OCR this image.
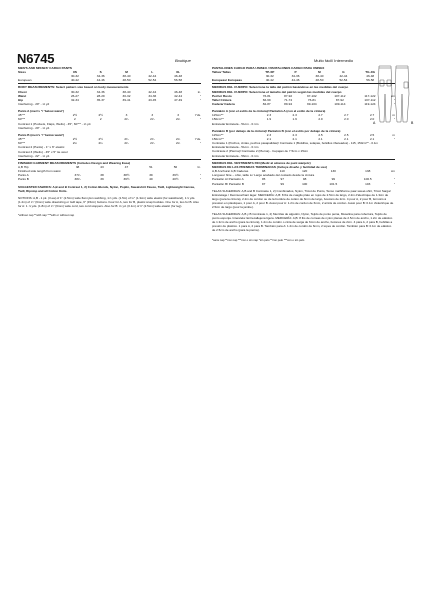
N6745	Boutique	Muito fácil/ Intermedio
MEN'S AND MISSES' CARGO PANTS
Sizes	XS	S	M	L	XL	
	30-32	34-36	38-40	42-44	46-48	
European	40-42	44-46	48-50	52-54	56-58	
BODY MEASUREMENTS: Select pattern size based on body measurements
Chest	30-32	34-36	38-40	42-44	46-48	in.
Waist	26-27	28-29	30-32	34-36	42-44	"
Hip	32-34	35-37	39-41	43-45	47-49	"
Interfacing - 20" - ⅛ yd
Pants A (men's "/ 'below waist')
45"**	2½	2½	3	3	3	Yds.
60"**	2	2	2¼	2¼	2¼	"
Contrast 1 (Pockets, Flaps, Welts) - 45", 60"** - ⅛ yd.
Interfacing - 20" - ⅛ yd.
Pants B (men's "/ 'below waist')
45"**	2½	2½	2¾	2¾	2¾	Yds.
60"**	2¼	2¼	2¼	2¼	2¼	"
Contrast 2 (Pants) - 1" x 6" elastic
Contrast 3 (Welts) - 45" x 5" tie wool
Interfacing - 22" - ⅛ yd.
FINISHED GARMENT MEASUREMENTS (Includes Design and Wearing Ease)
A,B Hip	38	43	47	51	56	In.
Finished side length from waist						
Pants A	37¼	38	38½	39	39½	"
Pants B	38¼	39	39½	40	40½	"
SUGGESTED FABRICS: A,B and B Contrast 1, 2) Cotton Blends, Nylon, Poplin, Sweatshirt Fleece, Twill, Lightweight Canvas, Twill, Ripstop and all Cotton Knits.
NOTIONS: A,B - 1 pk. (3 ea) of 1" (2.5cm) wide flat nylon webbing, 1⅞ yds. (1.5m) of ¼" (1.3cm) wide elastic (for waistband), 1⅞ yds. (1.2m) of ¼" (6mm) wide drawstring or twill tape, 6" (15cm) buttons. Four for A, two for B, plastic snap buckles. One for A, two for B. Also for A: 1 ⅞ yds. (1.8m) of ¼" (6mm) wide cord, two cord stoppers. Also for B: ⅛ yd. (0.1m) of 1" (2.5cm) wide elastic (for leg).
*without nap **with nap ***with or without nap
PANTALONES CARGO PARA UNISEX / PANTALONES CARGO PARA UNISEX
Tallas/ Tallas	TP-XP	P	M	G	TG-XG	
	30-32	34-36	38-40	42-44	46-48	
Europeas/ Europeas	40-42	44-46	48-50	52-54	56-58	
MEDIDAS DEL CUERPO: Seleccione la talla del patrón basándose en las medidas del cuerpo
MEDIDAS DEL CUERPO: Seleccione el tamaño del patrón según las medidas del cuerpo
Pecho/ Busto	76-81	87-92	97-102	107-112	117-122	cm
Talle/ Cintura	66-69	71-74	76-81	87-92	107-112	"
Cadera/ Cadera	82-87	89-94	99-104	109-114	119-124	"
Pantalón A (con el estilo de la cintura)/ Pantalón A (con el estilo de la cintura)
115cm**	2.3	2.3	2.7	2.7	2.7	m
150cm**	1.9	1.9	2.0	2.0	2.0	"
Entretela/ Entretela - 51cm - 0.1m
Pantalón B (por debajo de la cintura)/ Pantalón B (con el estilo por debajo de la cintura)
115cm**	2.3	2.3	2.5	2.5	2.5	m
150cm**	2.1	2.1	2.1	2.1	2.1	"
Contraste 1 (Pochos, cintas, pechos pasapalidas)/ Contraste 1 (Bolsillos, solapas, bolsillos ribeteados) - 115, 150cm** - 0.1m
Entretela/ Entretela - 51cm - 0.1m
Contraste 2 (Pierna)/ Contraste 2 (Pierna) - Cepajan de 7.5cm x 15cm
Entretela/ Entretela - 56cm - 0.1m
MEDIDAS DEL VESTIMENTA FIN (Medir al alcance de punt wanjetc)
MEDIDAS DE LAS PRENDAS TERMINADAS (Incluye diseño y facilidad de uso)
A,B Anchura/ A,B Caderas	98	110	120	130	138	cm
Longueur finie – côté, taille à / Largo acabado del costado desde la cintura						
Pantalón A/ Pantalón A	95	97	98	99	100.5	"
Pantalón B/ Pantalón B	97	99	100	101.5	103	"
TELAS SUGERIDAS: A,B and B Contraste 1, 2) Combinados, Nylon, Tricot de Punto, Tenso malhiforme paar sweet-shirt, Tricot Sarga/ Entretelage / Demisouchant lager. MERCERÍA: A,B: 8 lbs de cuaglio plato en rojos de 2.5cm de largo, 2.2m d'électrique de 1.3cm de largo (para la cintura), 2.2m de cordon ou de la bordure de cotton de 6mm de largo, boutons de 2cm. 4 pour A, 2 pour B, fermoirs à pression en plastiques, 1 pour A, 2 pour B. Aussi pour A: 1.2m de cordon de 6mm, 2 arrêts de cordon. Aussi pour B: 0.1m d'électrique de 2.5cm de largo (pour la jambe).
TELAS SUGERIDAS: A,B y B Contraste 1, 2) Mezclas de algodón, Nylon, Tejido de punto peina, Muselina para cobertura, Tejido de punto esponja. Interelela: Entrecallejena ligera. MERCERÍA: A,B: 8 lbs de correas de nylon planas de 2.5cm de ancho, 1.2m de elástico de 1.3cm de ancho (para la cintura), 1.2m de cordón o cinta de sarga de 6mm de ancho, botones de 2cm. 4 para A, 2 para B, hebillas a presión de plástico. 1 para A, 2 para B. También para A: 1.2m de cordón de 6mm, 2 topes de cordón. También para B: 0.1m de elástico de 2.5cm de ancho (para la pierna).
*sans nap **con nap ***con o sin nap *sin pelo **con pelo ***con o sin pelo
A	B
